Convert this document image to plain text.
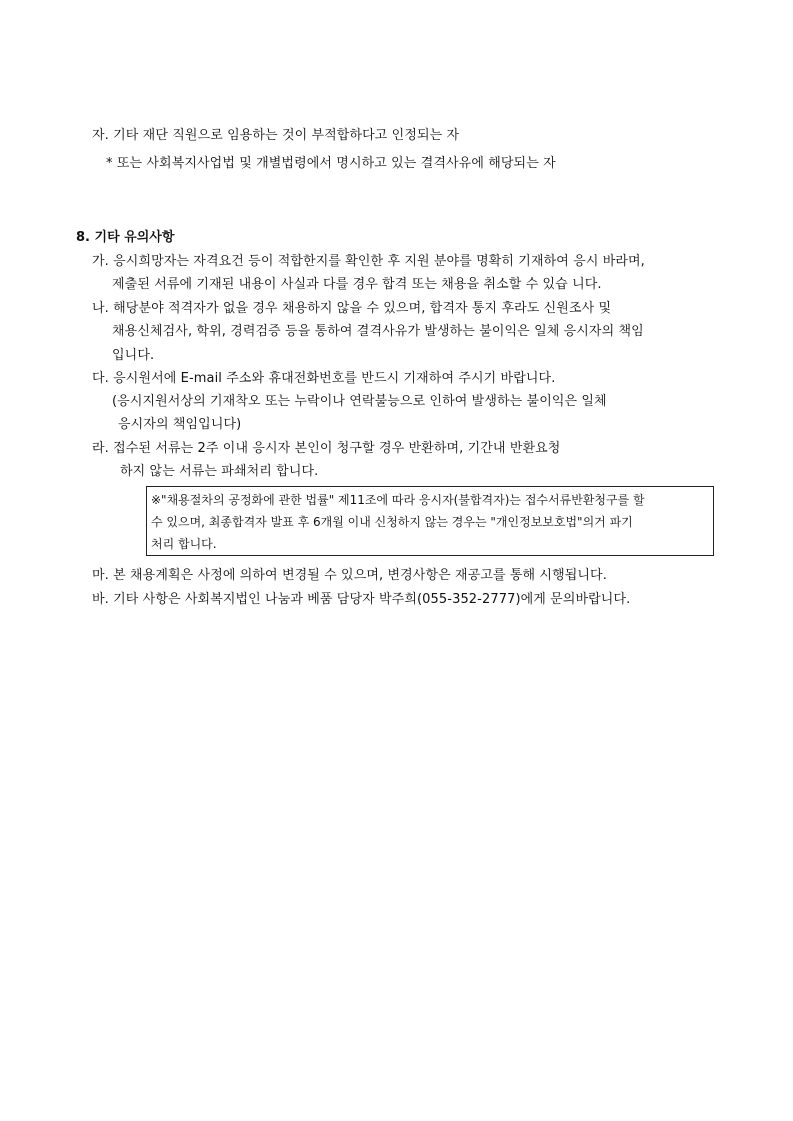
자. 기타 재단 직원으로 임용하는 것이 부적합하다고 인정되는 자
* 또는 사회복지사업법 및 개별법령에서 명시하고 있는 결격사유에 해당되는 자
8. 기타 유의사항
가. 응시희망자는 자격요건 등이 적합한지를 확인한 후 지원 분야를 명확히 기재하여 응시 바라며,
제출된 서류에 기재된 내용이 사실과 다를 경우 합격 또는 채용을 취소할 수 있습 니다.
나. 해당분야 적격자가 없을 경우 채용하지 않을 수 있으며, 합격자 통지 후라도 신원조사 및
채용신체검사, 학위, 경력검증 등을 통하여 결격사유가 발생하는 불이익은 일체 응시자의 책임
입니다.
다. 응시원서에 E-mail 주소와 휴대전화번호를 반드시 기재하여 주시기 바랍니다.
(응시지원서상의 기재착오 또는 누락이나 연락불능으로 인하여 발생하는 불이익은 일체
응시자의 책임입니다)
라. 접수된 서류는 2주 이내 응시자 본인이 청구할 경우 반환하며, 기간내 반환요청
하지 않는 서류는 파쇄처리 합니다.
※"채용절차의 공정화에 관한 법률" 제11조에 따라 응시자(불합격자)는 접수서류반환청구를 할
수 있으며, 최종합격자 발표 후 6개월 이내 신청하지 않는 경우는 "개인정보보호법"의거 파기
처리 합니다.
마. 본 채용계획은 사정에 의하여 변경될 수 있으며, 변경사항은 재공고를 통해 시행됩니다.
바. 기타 사항은 사회복지법인 나눔과 베품 담당자 박주희(055-352-2777)에게 문의바랍니다.
